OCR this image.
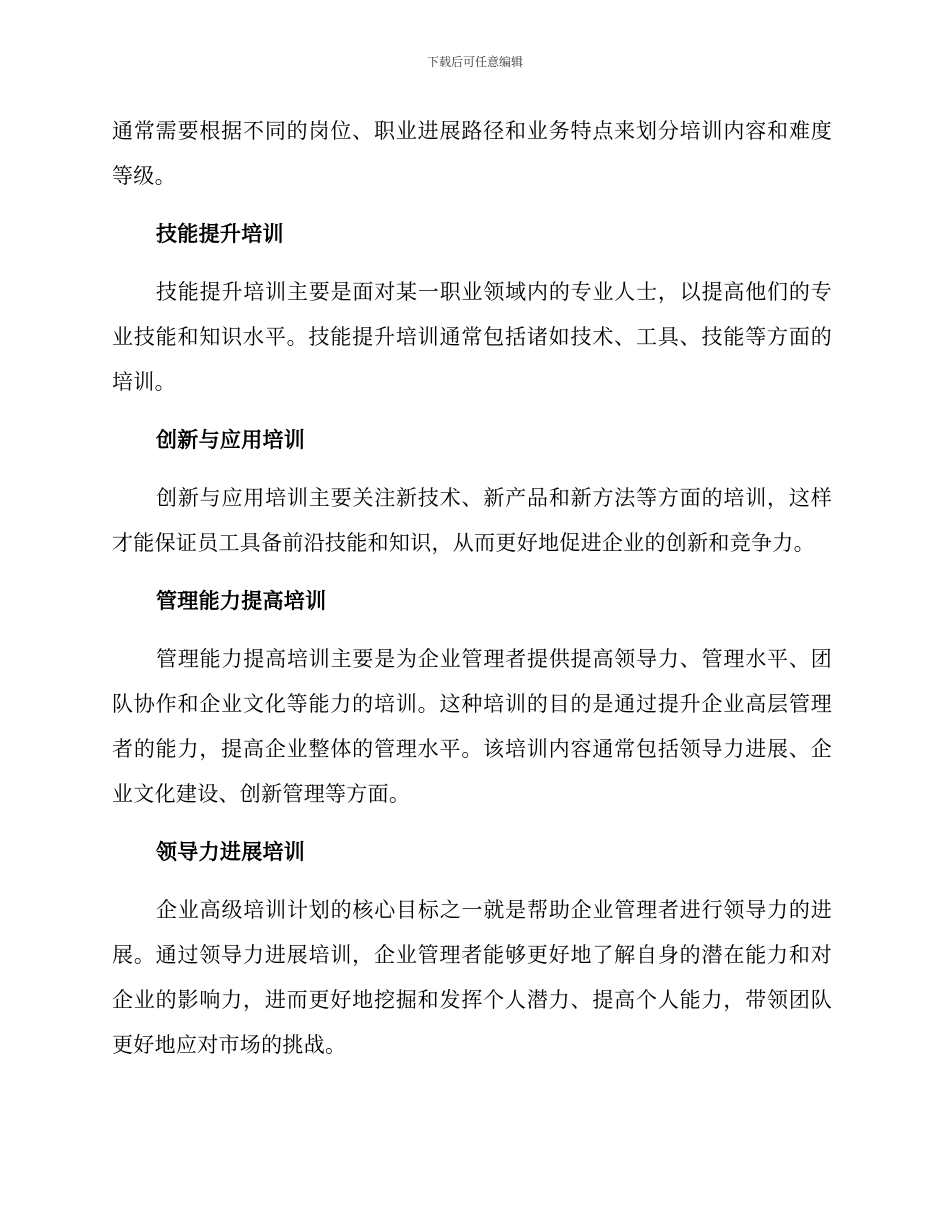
下载后可任意编辑

通常需要根据不同的岗位、职业进展路径和业务特点来划分培训内容和难度等级。

技能提升培训

技能提升培训主要是面对某一职业领域内的专业人士，以提高他们的专业技能和知识水平。技能提升培训通常包括诸如技术、工具、技能等方面的培训。

创新与应用培训

创新与应用培训主要关注新技术、新产品和新方法等方面的培训，这样才能保证员工具备前沿技能和知识，从而更好地促进企业的创新和竞争力。

管理能力提高培训

管理能力提高培训主要是为企业管理者提供提高领导力、管理水平、团队协作和企业文化等能力的培训。这种培训的目的是通过提升企业高层管理者的能力，提高企业整体的管理水平。该培训内容通常包括领导力进展、企业文化建设、创新管理等方面。

领导力进展培训

企业高级培训计划的核心目标之一就是帮助企业管理者进行领导力的进展。通过领导力进展培训，企业管理者能够更好地了解自身的潜在能力和对企业的影响力，进而更好地挖掘和发挥个人潜力、提高个人能力，带领团队更好地应对市场的挑战。
